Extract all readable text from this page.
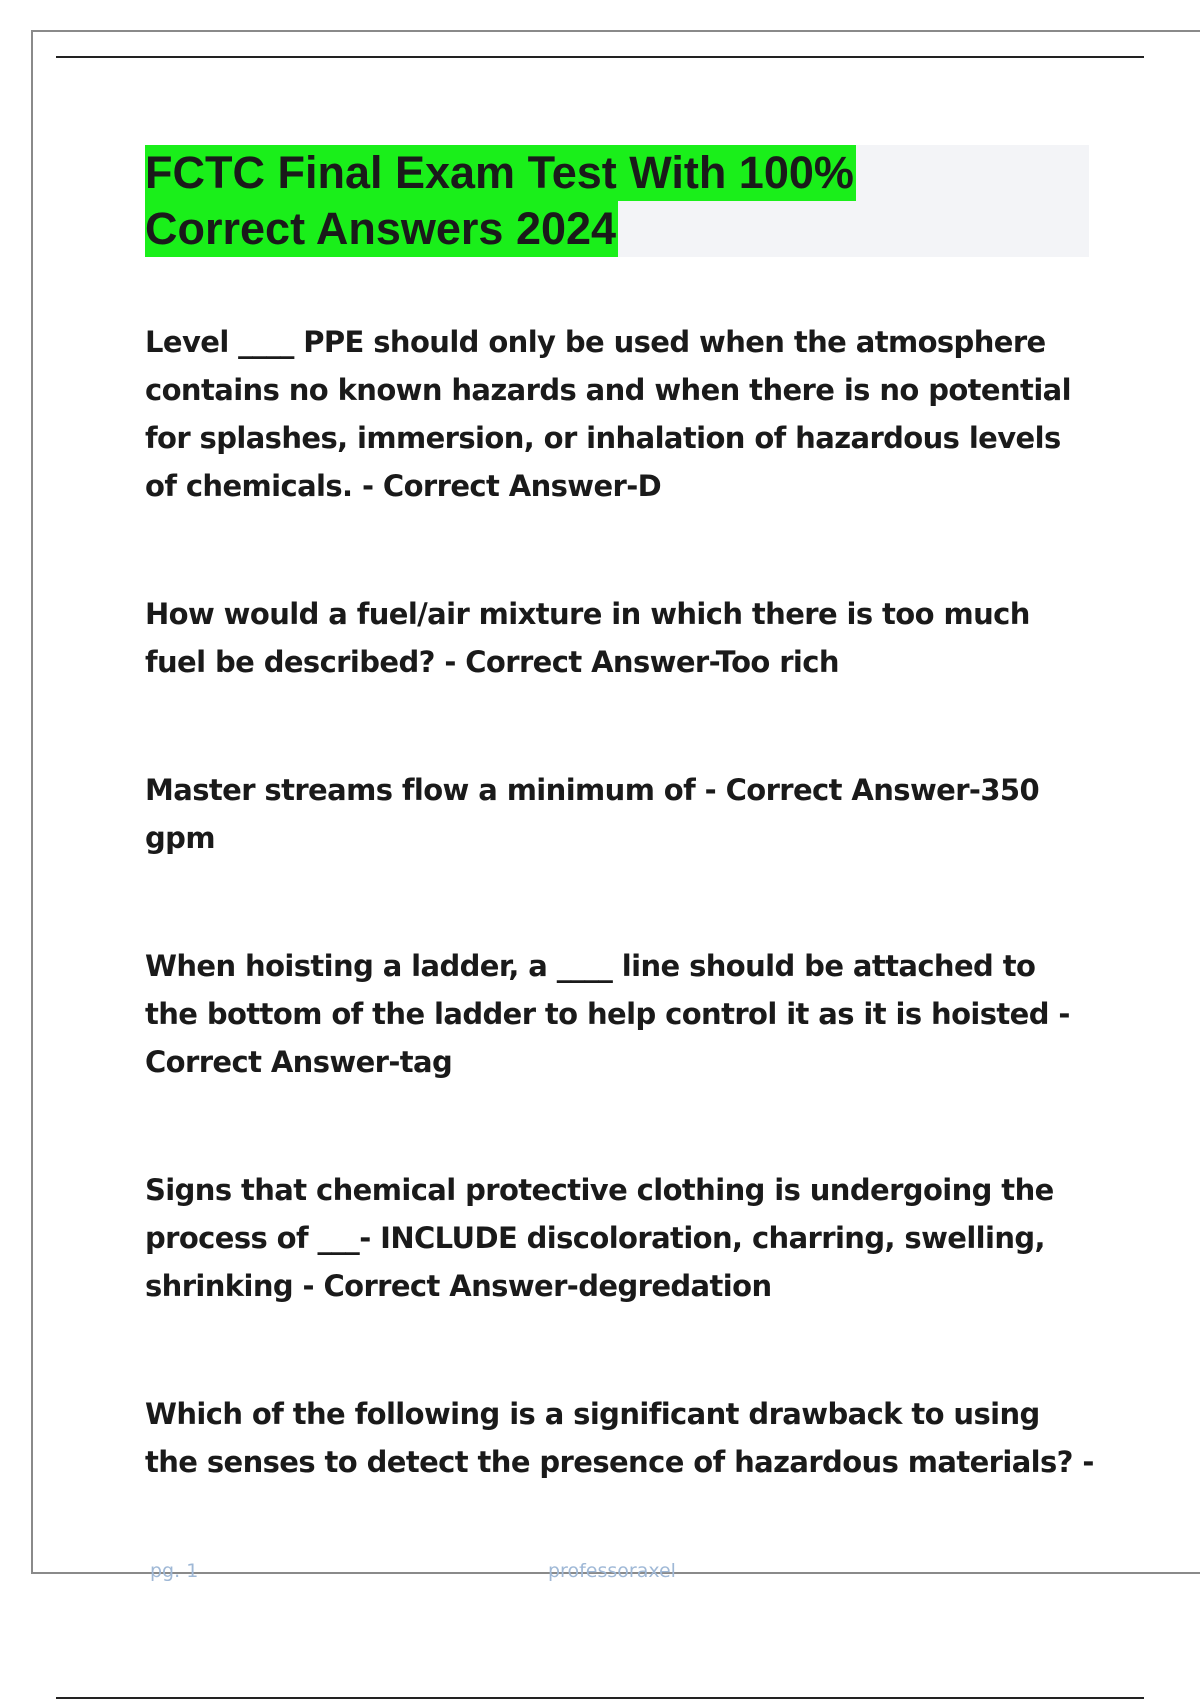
FCTC Final Exam Test With 100%
Correct Answers 2024

Level ____ PPE should only be used when the atmosphere contains no known hazards and when there is no potential for splashes, immersion, or inhalation of hazardous levels of chemicals. - Correct Answer-D

How would a fuel/air mixture in which there is too much fuel be described? - Correct Answer-Too rich

Master streams flow a minimum of - Correct Answer-350 gpm

When hoisting a ladder, a ____ line should be attached to the bottom of the ladder to help control it as it is hoisted - Correct Answer-tag

Signs that chemical protective clothing is undergoing the process of ___- INCLUDE discoloration, charring, swelling, shrinking - Correct Answer-degredation

Which of the following is a significant drawback to using the senses to detect the presence of hazardous materials? -

pg. 1	professoraxel
